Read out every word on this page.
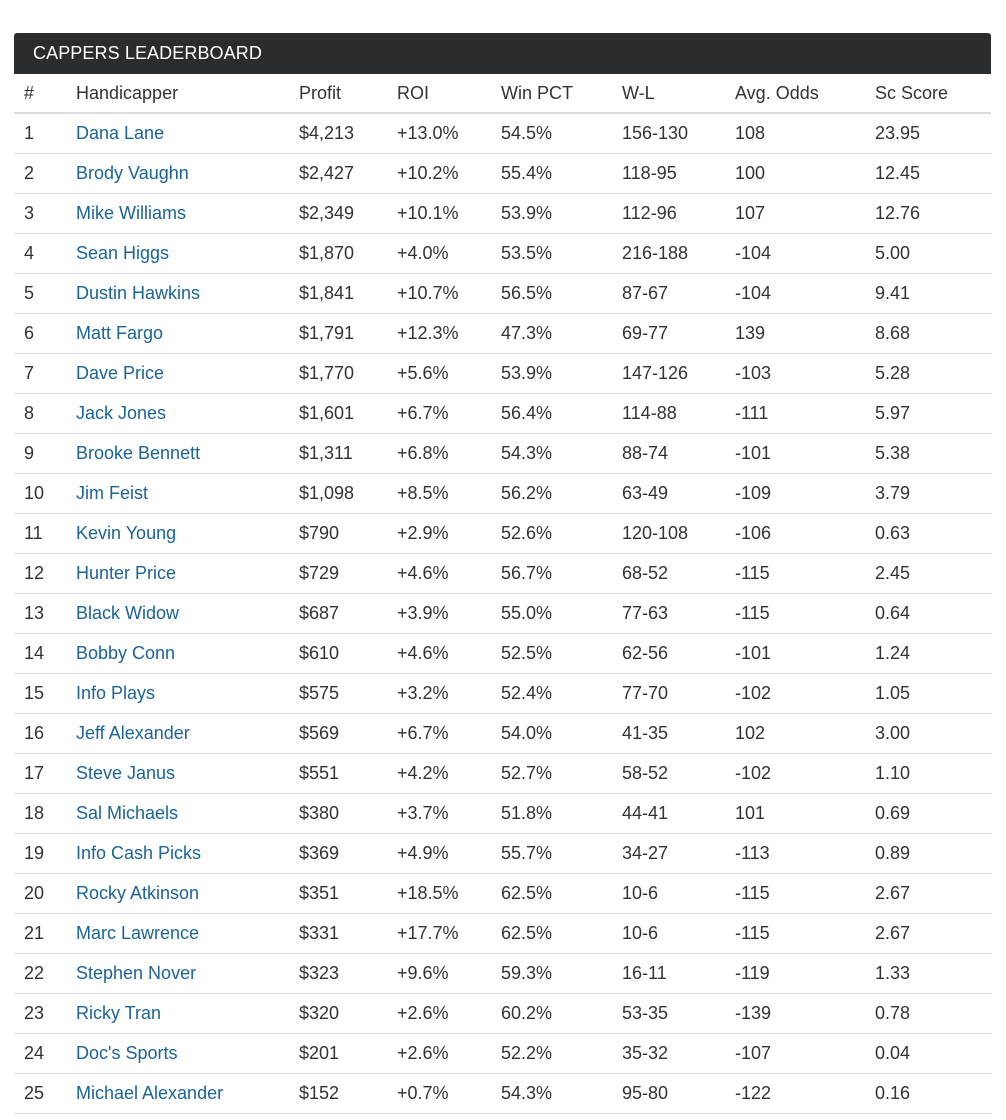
CAPPERS LEADERBOARD
#	Handicapper	Profit	ROI	Win PCT	W-L	Avg. Odds	Sc Score
1	Dana Lane	$4,213	+13.0%	54.5%	156-130	108	23.95
2	Brody Vaughn	$2,427	+10.2%	55.4%	118-95	100	12.45
3	Mike Williams	$2,349	+10.1%	53.9%	112-96	107	12.76
4	Sean Higgs	$1,870	+4.0%	53.5%	216-188	-104	5.00
5	Dustin Hawkins	$1,841	+10.7%	56.5%	87-67	-104	9.41
6	Matt Fargo	$1,791	+12.3%	47.3%	69-77	139	8.68
7	Dave Price	$1,770	+5.6%	53.9%	147-126	-103	5.28
8	Jack Jones	$1,601	+6.7%	56.4%	114-88	-111	5.97
9	Brooke Bennett	$1,311	+6.8%	54.3%	88-74	-101	5.38
10	Jim Feist	$1,098	+8.5%	56.2%	63-49	-109	3.79
11	Kevin Young	$790	+2.9%	52.6%	120-108	-106	0.63
12	Hunter Price	$729	+4.6%	56.7%	68-52	-115	2.45
13	Black Widow	$687	+3.9%	55.0%	77-63	-115	0.64
14	Bobby Conn	$610	+4.6%	52.5%	62-56	-101	1.24
15	Info Plays	$575	+3.2%	52.4%	77-70	-102	1.05
16	Jeff Alexander	$569	+6.7%	54.0%	41-35	102	3.00
17	Steve Janus	$551	+4.2%	52.7%	58-52	-102	1.10
18	Sal Michaels	$380	+3.7%	51.8%	44-41	101	0.69
19	Info Cash Picks	$369	+4.9%	55.7%	34-27	-113	0.89
20	Rocky Atkinson	$351	+18.5%	62.5%	10-6	-115	2.67
21	Marc Lawrence	$331	+17.7%	62.5%	10-6	-115	2.67
22	Stephen Nover	$323	+9.6%	59.3%	16-11	-119	1.33
23	Ricky Tran	$320	+2.6%	60.2%	53-35	-139	0.78
24	Doc's Sports	$201	+2.6%	52.2%	35-32	-107	0.04
25	Michael Alexander	$152	+0.7%	54.3%	95-80	-122	0.16
